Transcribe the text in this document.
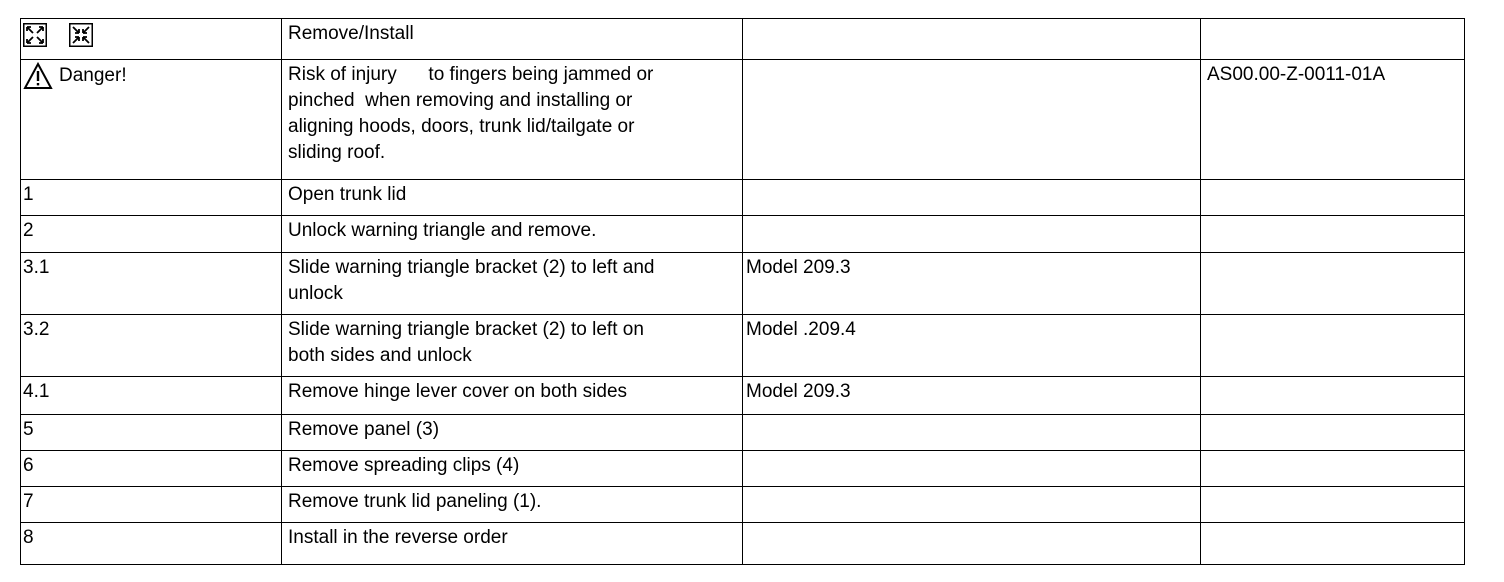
	Remove/Install		

Danger!	Risk of injury      to fingers being jammed or
pinched  when removing and installing or
aligning hoods, doors, trunk lid/tailgate or
sliding roof.		AS00.00-Z-0011-01A
1	Open trunk lid		
2	Unlock warning triangle and remove.		
3.1	Slide warning triangle bracket (2) to left and
unlock	Model 209.3	
3.2	Slide warning triangle bracket (2) to left on
both sides and unlock	Model .209.4	
4.1	Remove hinge lever cover on both sides	Model 209.3	
5	Remove panel (3)		
6	Remove spreading clips (4)		
7	Remove trunk lid paneling (1).		
8	Install in the reverse order		
